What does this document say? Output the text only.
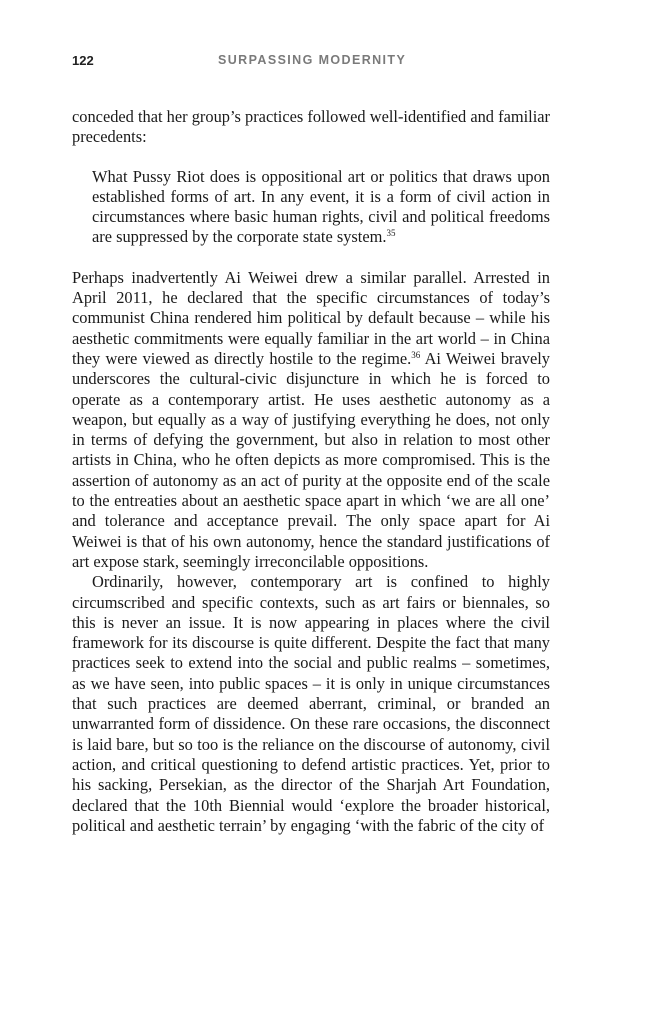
122	SURPASSING MODERNITY

conceded that her group’s practices followed well-identified and familiar precedents:

What Pussy Riot does is oppositional art or politics that draws upon established forms of art. In any event, it is a form of civil action in circumstances where basic human rights, civil and political freedoms are suppressed by the corporate state system.$^{35}$

Perhaps inadvertently Ai Weiwei drew a similar parallel. Arrested in April 2011, he declared that the specific circumstances of today’s communist China rendered him political by default because – while his aesthetic commitments were equally familiar in the art world – in China they were viewed as directly hostile to the regime.$^{36}$ Ai Weiwei bravely underscores the cultural-civic disjuncture in which he is forced to operate as a contemporary artist. He uses aesthetic autonomy as a weapon, but equally as a way of justifying everything he does, not only in terms of defying the government, but also in relation to most other artists in China, who he often depicts as more compromised. This is the assertion of autonomy as an act of purity at the opposite end of the scale to the entreaties about an aesthetic space apart in which ‘we are all one’ and tolerance and acceptance prevail. The only space apart for Ai Weiwei is that of his own autonomy, hence the standard justifications of art expose stark, seemingly irreconcilable oppositions.

Ordinarily, however, contemporary art is confined to highly circumscribed and specific contexts, such as art fairs or biennales, so this is never an issue. It is now appearing in places where the civil framework for its discourse is quite different. Despite the fact that many practices seek to extend into the social and public realms – sometimes, as we have seen, into public spaces – it is only in unique circumstances that such practices are deemed aberrant, criminal, or branded an unwarranted form of dissidence. On these rare occasions, the disconnect is laid bare, but so too is the reliance on the discourse of autonomy, civil action, and critical questioning to defend artistic practices. Yet, prior to his sacking, Persekian, as the director of the Sharjah Art Foundation, declared that the 10th Biennial would ‘explore the broader historical, political and aesthetic terrain’ by engaging ‘with the fabric of the city of
